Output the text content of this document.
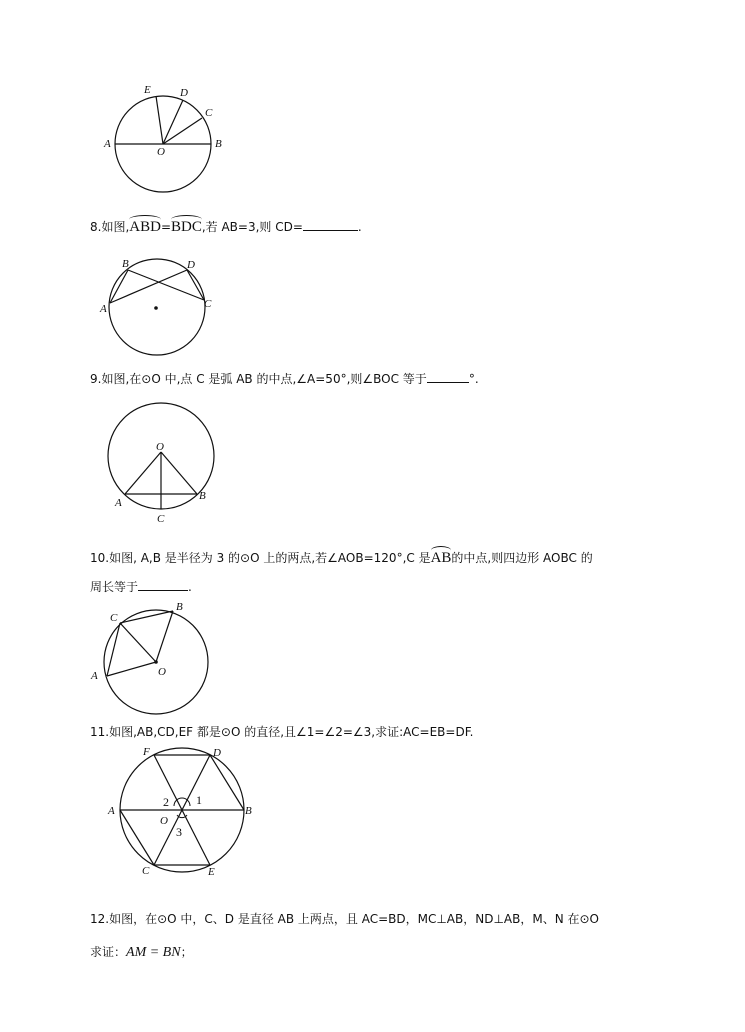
E	D
C
A
O
B
8.如图,ABD=BDC,若 AB=3,则 CD=	.
B	D
A	C
9.如图,在⊙O 中,点 C 是弧 AB 的中点,∠A=50°,则∠BOC 等于	°.
O
A
B
C
10.如图, A,B 是半径为 3 的⊙O 上的两点,若∠AOB=120°,C 是AB的中点,则四边形 AOBC 的
周长等于	.
C
B
A	O
11.如图,AB,CD,EF 都是⊙O 的直径,且∠1=∠2=∠3,求证:AC=EB=DF.
F	D
A	B
2 1
O
3
C	E
12.如图，在⊙O 中，C、D 是直径 AB 上两点，且 AC=BD，MC⊥AB，ND⊥AB，M、N 在⊙O
求证：AM = BN；
